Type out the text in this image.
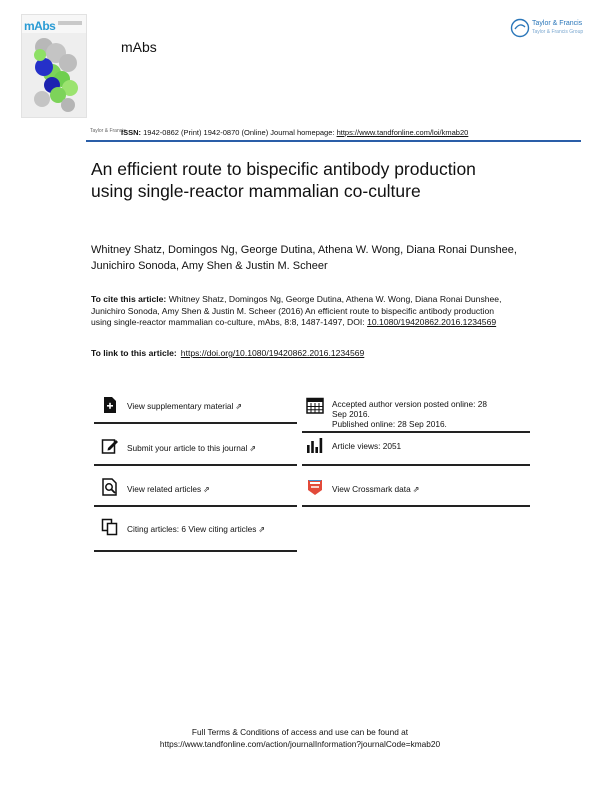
mAbs
mAbs
Taylor & Francis
Taylor & Francis Group
Taylor & Francis
ISSN: 1942-0862 (Print) 1942-0870 (Online) Journal homepage: https://www.tandfonline.com/loi/kmab20
An efficient route to bispecific antibody production using single-reactor mammalian co-culture
Whitney Shatz, Domingos Ng, George Dutina, Athena W. Wong, Diana Ronai Dunshee, Junichiro Sonoda, Amy Shen & Justin M. Scheer
To cite this article: Whitney Shatz, Domingos Ng, George Dutina, Athena W. Wong, Diana Ronai Dunshee, Junichiro Sonoda, Amy Shen & Justin M. Scheer (2016) An efficient route to bispecific antibody production using single-reactor mammalian co-culture, mAbs, 8:8, 1487-1497, DOI: 10.1080/19420862.2016.1234569
To link to this article: https://doi.org/10.1080/19420862.2016.1234569
View supplementary material ⇗
Submit your article to this journal ⇗
View related articles ⇗
Citing articles: 6 View citing articles ⇗
Accepted author version posted online: 28
Sep 2016.
Published online: 28 Sep 2016.
Article views: 2051
View Crossmark data ⇗
Full Terms & Conditions of access and use can be found at
https://www.tandfonline.com/action/journalInformation?journalCode=kmab20
